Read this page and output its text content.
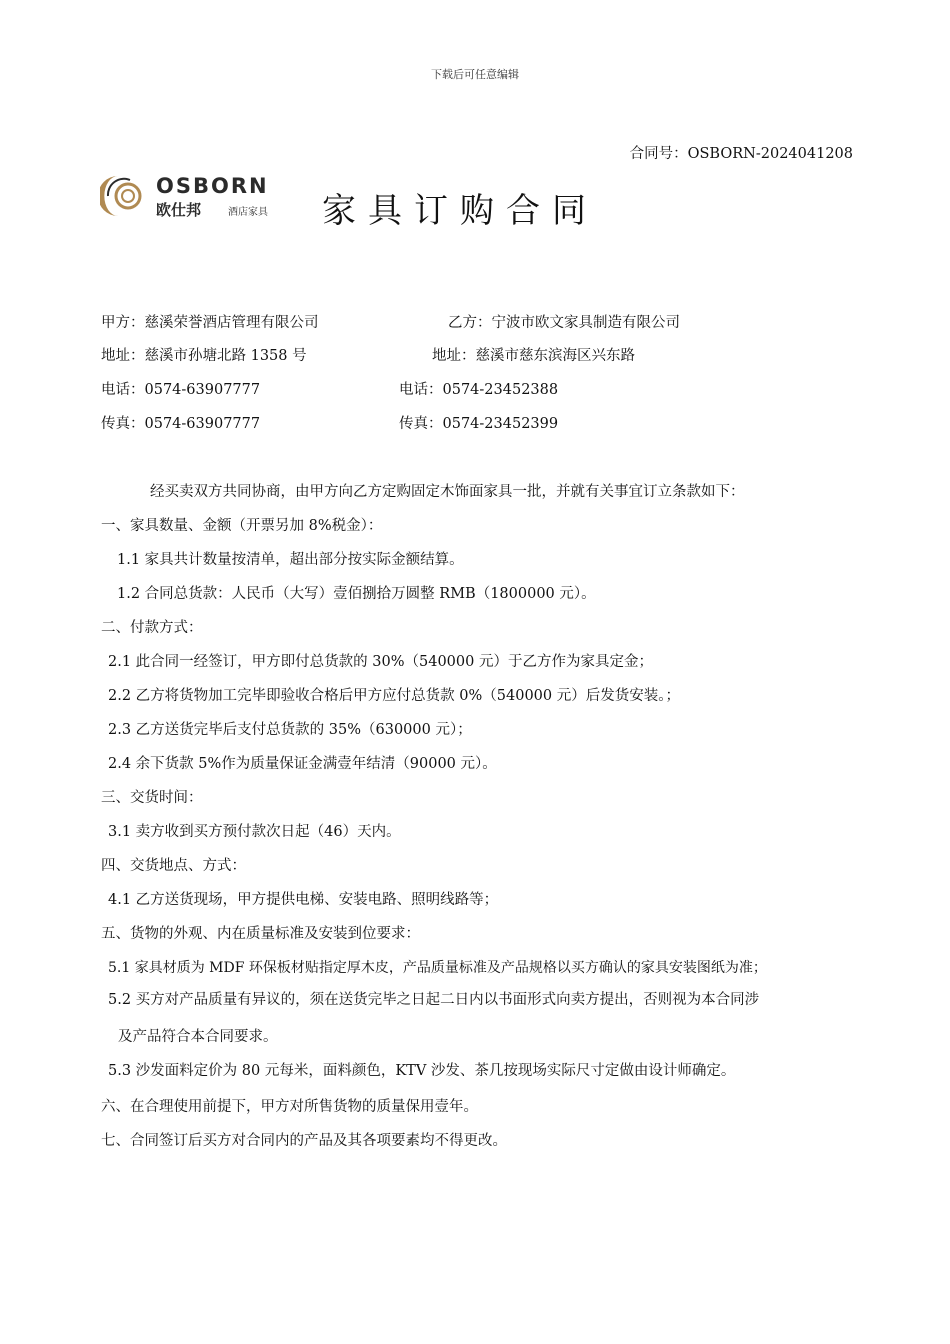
下载后可任意编辑
合同号：OSBORN-2024041208
OSBORN
欧仕邦	酒店家具 家具订购合同
甲方：慈溪荣誉酒店管理有限公司	乙方：宁波市欧文家具制造有限公司
地址：慈溪市孙塘北路 1358 号	地址：慈溪市慈东滨海区兴东路
电话：0574-63907777	电话：0574-23452388
传真：0574-63907777	传真：0574-23452399
经买卖双方共同协商，由甲方向乙方定购固定木饰面家具一批，并就有关事宜订立条款如下：
一、家具数量、金额（开票另加 8%税金）：
1.1 家具共计数量按清单，超出部分按实际金额结算。
1.2 合同总货款：人民币（大写）壹佰捌拾万圆整 RMB（1800000 元）。
二、付款方式：
2.1 此合同一经签订，甲方即付总货款的 30%（540000 元）于乙方作为家具定金；
2.2 乙方将货物加工完毕即验收合格后甲方应付总货款 0%（540000 元）后发货安装。；
2.3 乙方送货完毕后支付总货款的 35%（630000 元）；
2.4 余下货款 5%作为质量保证金满壹年结清（90000 元）。
三、交货时间：
3.1 卖方收到买方预付款次日起（46）天内。
四、交货地点、方式：
4.1 乙方送货现场，甲方提供电梯、安装电路、照明线路等；
五、货物的外观、内在质量标准及安装到位要求：
5.1 家具材质为 MDF 环保板材贴指定厚木皮，产品质量标准及产品规格以买方确认的家具安装图纸为准；
5.2 买方对产品质量有异议的，须在送货完毕之日起二日内以书面形式向卖方提出，否则视为本合同涉
及产品符合本合同要求。
5.3 沙发面料定价为 80 元每米，面料颜色，KTV 沙发、茶几按现场实际尺寸定做由设计师确定。
六、在合理使用前提下，甲方对所售货物的质量保用壹年。
七、合同签订后买方对合同内的产品及其各项要素均不得更改。
